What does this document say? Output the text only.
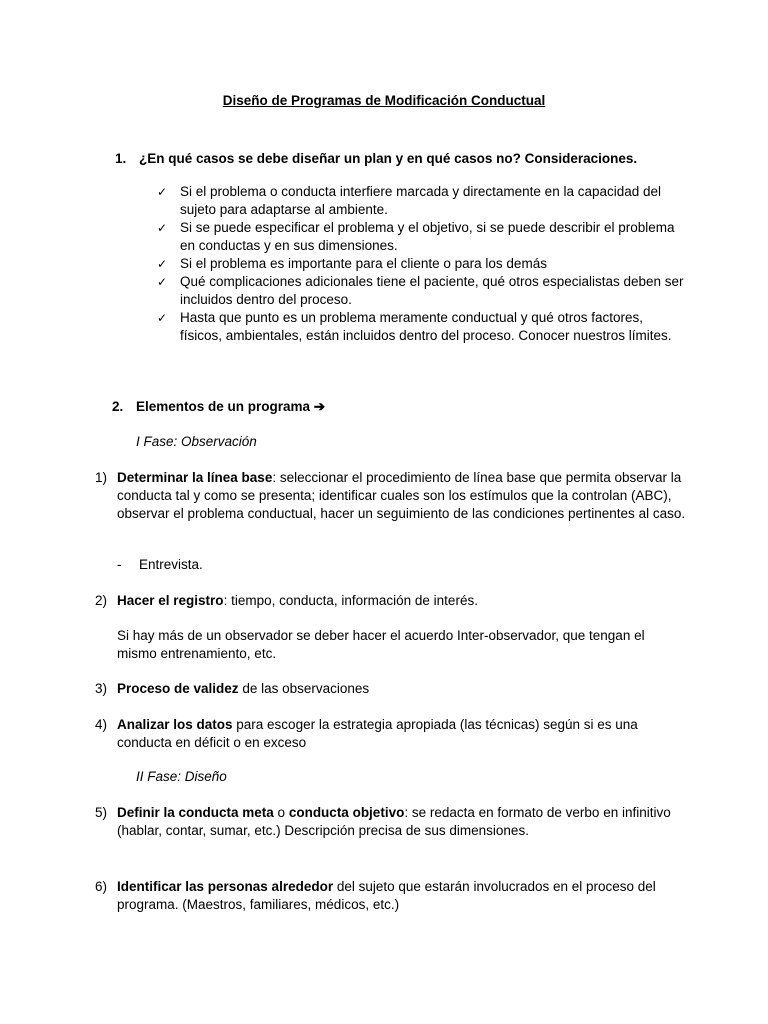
Diseño de Programas de Modificación Conductual
1. ¿En qué casos se debe diseñar un plan y en qué casos no? Consideraciones.
✓ Si el problema o conducta interfiere marcada y directamente en la capacidad del sujeto para adaptarse al ambiente.
✓ Si se puede especificar el problema y el objetivo, si se puede describir el problema en conductas y en sus dimensiones.
✓ Si el problema es importante para el cliente o para los demás
✓ Qué complicaciones adicionales tiene el paciente, qué otros especialistas deben ser incluidos dentro del proceso.
✓ Hasta que punto es un problema meramente conductual y qué otros factores, físicos, ambientales, están incluidos dentro del proceso. Conocer nuestros límites.
2. Elementos de un programa ➔
I Fase: Observación
1) Determinar la línea base: seleccionar el procedimiento de línea base que permita observar la conducta tal y como se presenta; identificar cuales son los estímulos que la controlan (ABC), observar el problema conductual, hacer un seguimiento de las condiciones pertinentes al caso.
- Entrevista.
2) Hacer el registro: tiempo, conducta, información de interés.
Si hay más de un observador se deber hacer el acuerdo Inter-observador, que tengan el mismo entrenamiento, etc.
3) Proceso de validez de las observaciones
4) Analizar los datos para escoger la estrategia apropiada (las técnicas) según si es una conducta en déficit o en exceso
II Fase: Diseño
5) Definir la conducta meta o conducta objetivo: se redacta en formato de verbo en infinitivo (hablar, contar, sumar, etc.) Descripción precisa de sus dimensiones.
6) Identificar las personas alrededor del sujeto que estarán involucrados en el proceso del programa. (Maestros, familiares, médicos, etc.)
